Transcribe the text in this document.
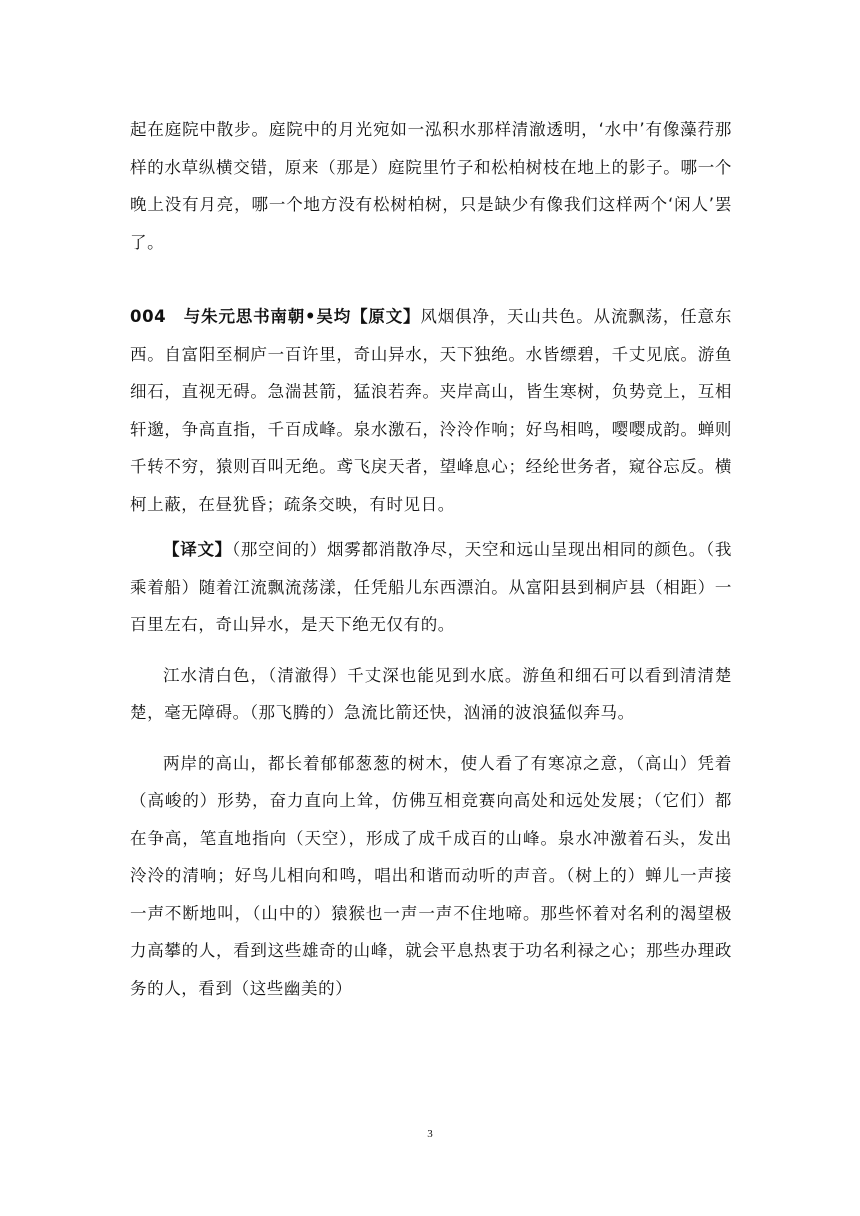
起在庭院中散步。庭院中的月光宛如一泓积水那样清澈透明，‘水中’有像藻荇那样的水草纵横交错，原来（那是）庭院里竹子和松柏树枝在地上的影子。哪一个晚上没有月亮，哪一个地方没有松树柏树，只是缺少有像我们这样两个‘闲人’罢了。

004　与朱元思书南朝•吴均【原文】风烟俱净，天山共色。从流飘荡，任意东西。自富阳至桐庐一百许里，奇山异水，天下独绝。水皆缥碧，千丈见底。游鱼细石，直视无碍。急湍甚箭，猛浪若奔。夹岸高山，皆生寒树，负势竞上，互相轩邈，争高直指，千百成峰。泉水激石，泠泠作响；好鸟相鸣，嘤嘤成韵。蝉则千转不穷，猿则百叫无绝。鸢飞戾天者，望峰息心；经纶世务者，窥谷忘反。横柯上蔽，在昼犹昏；疏条交映，有时见日。

【译文】（那空间的）烟雾都消散净尽，天空和远山呈现出相同的颜色。（我乘着船）随着江流飘流荡漾，任凭船儿东西漂泊。从富阳县到桐庐县（相距）一百里左右，奇山异水，是天下绝无仅有的。

江水清白色，（清澈得）千丈深也能见到水底。游鱼和细石可以看到清清楚楚，毫无障碍。（那飞腾的）急流比箭还快，汹涌的波浪猛似奔马。

两岸的高山，都长着郁郁葱葱的树木，使人看了有寒凉之意，（高山）凭着（高峻的）形势，奋力直向上耸，仿佛互相竞赛向高处和远处发展；（它们）都在争高，笔直地指向（天空），形成了成千成百的山峰。泉水冲激着石头，发出泠泠的清响；好鸟儿相向和鸣，唱出和谐而动听的声音。（树上的）蝉儿一声接一声不断地叫，（山中的）猿猴也一声一声不住地啼。那些怀着对名利的渴望极力高攀的人，看到这些雄奇的山峰，就会平息热衷于功名利禄之心；那些办理政务的人，看到（这些幽美的）

3
